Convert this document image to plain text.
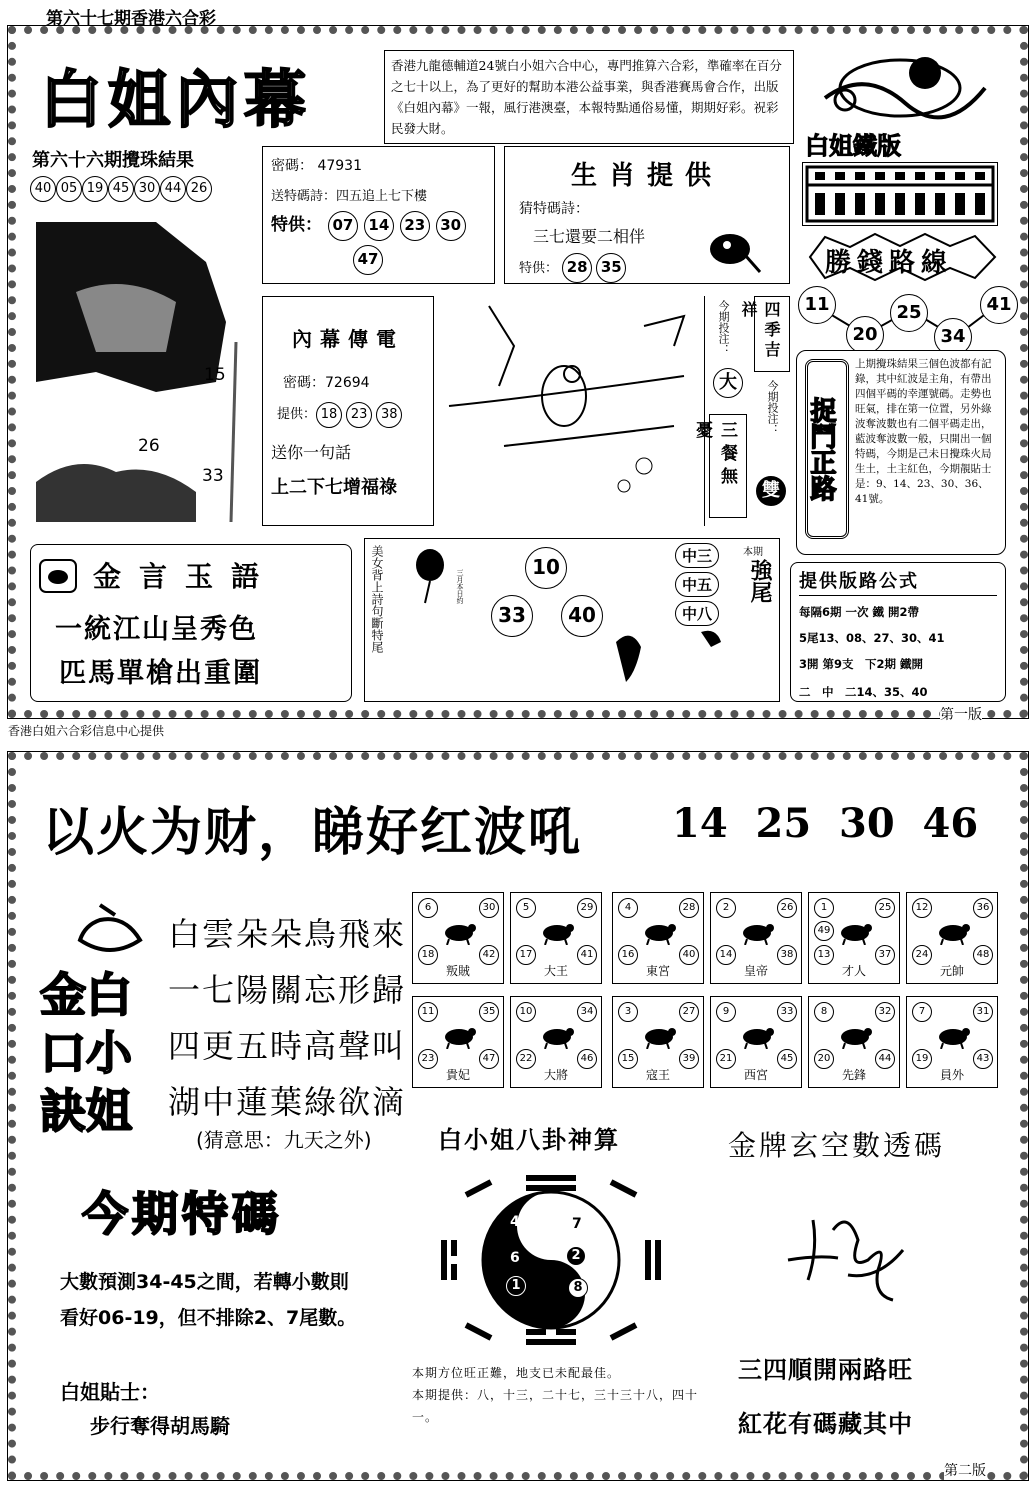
第六十七期香港六合彩
香港白姐六合彩信息中心提供
第一版
白姐內幕	香港九龍德輔道24號白小姐六合中心，專門推算六合彩，準確率在百分之七十以上，為了更好的幫助本港公益事業，與香港賽馬會合作，出版《白姐內幕》一報，風行港澳臺，本報特點通俗易懂，期期好彩。祝彩民發大財。
白姐鐵版
第六十六期攪珠結果
40 05 19 45 30 44 26
15
26
33
密碼： 47931
送特碼詩：四五追上七下樓
特供： 07 14 23 30
47
生肖提供
猜特碼詩：
三七還要二相伴
特供： 28 35	勝錢路線
11
20
25
34
41
內幕傳電
密碼：72694
提供： 18 23 38
送你一句話
上二下七增福祿
今期投注：
大
三餐無憂
四季吉祥
今期投注：
雙 捉鬥正路
上期攪珠結果三個色波都有記錄，其中紅波是主角，有帶出四個平碼的幸運號碼。走勢也旺氣，排在第一位置，另外綠波奪波數也有二個平碼走出，藍波奪波數一般，只開出一個特碼，今期是己未日攪珠火局生土，土主紅色，今期靚貼士是：9、14、23、30、36、41號。
金言玉語
一統江山呈秀色
匹馬單槍出重圍
美女背上詩句斷特尾	三月本日約
10
33	40
中三
中五
中八
本期
強尾 提供版路公式
每隔6期 一次 鐵 開2帶
5尾13、08、27、30、41
3開 第9支　下2期 鐵開
二　中　二14、35、40
第二版
以火为财，睇好红波吼 14  25  30  46
金白口小訣姐
白雲朵朵鳥飛來
一七陽關忘形歸
四更五時高聲叫
湖中蓮葉綠欲滴
(猜意思：九天之外)
6	30
18	42
叛賊
5	29
17	41
大王
4	28
16	40
東宮
2	26
14	38
皇帝
1	25
49
13	37
才人
12	36
24	48
元帥
11	35
23	47
貴妃
10	34
22	46
大將
3	27
15	39
寇王
9	33
21	45
西宮
8	32
20	44
先鋒
7	31
19	43
員外
白小姐八卦神算	金牌玄空數透碼
今期特碼
大數預測34-45之間，若轉小數則看好06-19，但不排除2、7尾數。
白姐貼士：
步行奪得胡馬騎
4	7
6	2
1	8
本期方位旺正難，地支已未配最佳。
本期提供：八，十三，二十七，三十三十八，四十一。
三四順開兩路旺
紅花有碼藏其中
